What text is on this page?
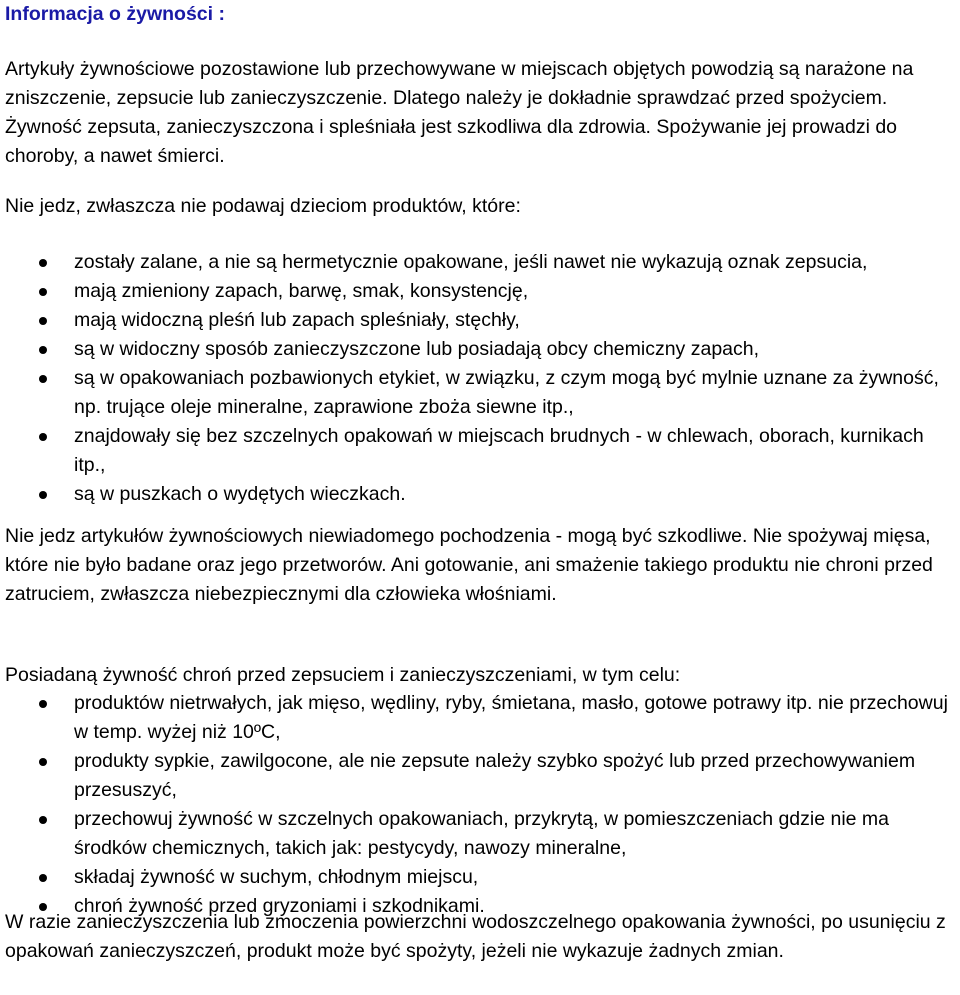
Informacja o żywności :
Artykuły żywnościowe pozostawione lub przechowywane w miejscach objętych powodzią są narażone na zniszczenie, zepsucie lub zanieczyszczenie. Dlatego należy je dokładnie sprawdzać przed spożyciem. Żywność zepsuta, zanieczyszczona i spleśniała jest szkodliwa dla zdrowia. Spożywanie jej prowadzi do choroby, a nawet śmierci.
Nie jedz, zwłaszcza nie podawaj dzieciom produktów, które:
zostały zalane, a nie są hermetycznie opakowane, jeśli nawet nie wykazują oznak zepsucia,
mają zmieniony zapach, barwę, smak, konsystencję,
mają widoczną pleśń lub zapach spleśniały, stęchły,
są w widoczny sposób zanieczyszczone lub posiadają obcy chemiczny zapach,
są w opakowaniach pozbawionych etykiet, w związku, z czym mogą być mylnie uznane za żywność, np. trujące oleje mineralne, zaprawione zboża siewne itp.,
znajdowały się bez szczelnych opakowań w miejscach brudnych - w chlewach, oborach, kurnikach itp.,
są w puszkach o wydętych wieczkach.
Nie jedz artykułów żywnościowych niewiadomego pochodzenia - mogą być szkodliwe. Nie spożywaj mięsa, które nie było badane oraz jego przetworów. Ani gotowanie, ani smażenie takiego produktu nie chroni przed zatruciem, zwłaszcza niebezpiecznymi dla człowieka włośniami.
Posiadaną żywność chroń przed zepsuciem i zanieczyszczeniami, w tym celu:
produktów nietrwałych, jak mięso, wędliny, ryby, śmietana, masło, gotowe potrawy itp. nie przechowuj w temp. wyżej niż 10ºC,
produkty sypkie, zawilgocone, ale nie zepsute należy szybko spożyć lub przed przechowywaniem przesuszyć,
przechowuj żywność w szczelnych opakowaniach, przykrytą, w pomieszczeniach gdzie nie ma środków chemicznych, takich jak: pestycydy, nawozy mineralne,
składaj żywność w suchym, chłodnym miejscu,
chroń żywność przed gryzoniami i szkodnikami.
W razie zanieczyszczenia lub zmoczenia powierzchni wodoszczelnego opakowania żywności, po usunięciu z opakowań zanieczyszczeń, produkt może być spożyty, jeżeli nie wykazuje żadnych zmian.
